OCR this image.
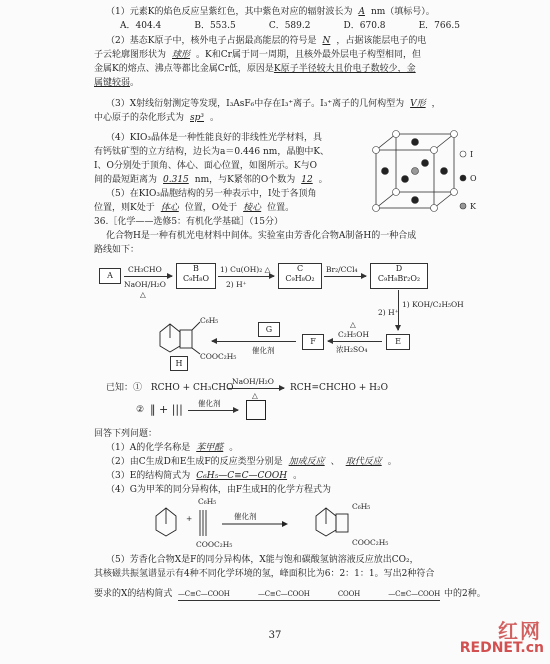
（1）元素K的焰色反应呈紫红色，其中紫色对应的辐射波长为 A nm（填标号）。
A．404.4	B．553.5	C．589.2	D．670.8	E．766.5
（2）基态K原子中，核外电子占据最高能层的符号是 N ，占据该能层电子的电
子云轮廓图形状为 球形 。K和Cr属于同一周期，且核外最外层电子构型相同，但
金属K的熔点、沸点等都比金属Cr低，原因是K原子半径较大且价电子数较少，金
属键较弱。
（3）X射线衍射测定等发现，I₃AsF₆中存在I₃⁺离子。I₃⁺离子的几何构型为 V形 ，
中心原子的杂化形式为 sp³ 。
（4）KIO₃晶体是一种性能良好的非线性光学材料，具
有钙钛矿型的立方结构，边长为a＝0.446 nm，晶胞中K、
I、O分别处于顶角、体心、面心位置，如图所示。K与O
间的最短距离为 0.315 nm，与K紧邻的O个数为 12 。
（5）在KIO₃晶胞结构的另一种表示中，I处于各顶角
位置，则K处于 体心 位置，O处于 棱心 位置。
I
O
K
36.［化学——选修5：有机化学基础］（15分）
化合物H是一种有机光电材料中间体。实验室由芳香化合物A制备H的一种合成
路线如下：
A
CH₃CHO
NaOH/H₂O
△
B
C₉H₈O
1) Cu(OH)₂ △
2) H⁺
C
C₉H₈O₂
Br₂/CCl₄	D
C₉H₈Br₂O₂
2) H⁺
1) KOH/C₂H₅OH
E
C₂H₅OH
浓H₂SO₄
△
F
G
催化剂
C₆H₅
COOC₂H₅
H
已知：① RCHO + CH₃CHO
NaOH/H₂O
△
RCH=CHCHO + H₂O
② ‖ + ||| 催化剂
回答下列问题：
（1）A的化学名称是 苯甲醛 。
（2）由C生成D和E生成F的反应类型分别是 加成反应 、 取代反应 。
（3）E的结构简式为 C₆H₅—C≡C—COOH 。
（4）G为甲苯的同分异构体，由F生成H的化学方程式为
+
C₆H₅
COOC₂H₅
催化剂
C₆H₅
COOC₂H₅
（5）芳香化合物X是F的同分异构体，X能与饱和碳酸氢钠溶液反应放出CO₂，
其核磁共振氢谱显示有4种不同化学环境的氢，峰面积比为6：2：1：1。写出2种符合
要求的X的结构简式 —C≡C—COOH	—C≡C—COOH	COOH	—C≡C—COOH 中的2种。
37	红网
REDNET.cn
